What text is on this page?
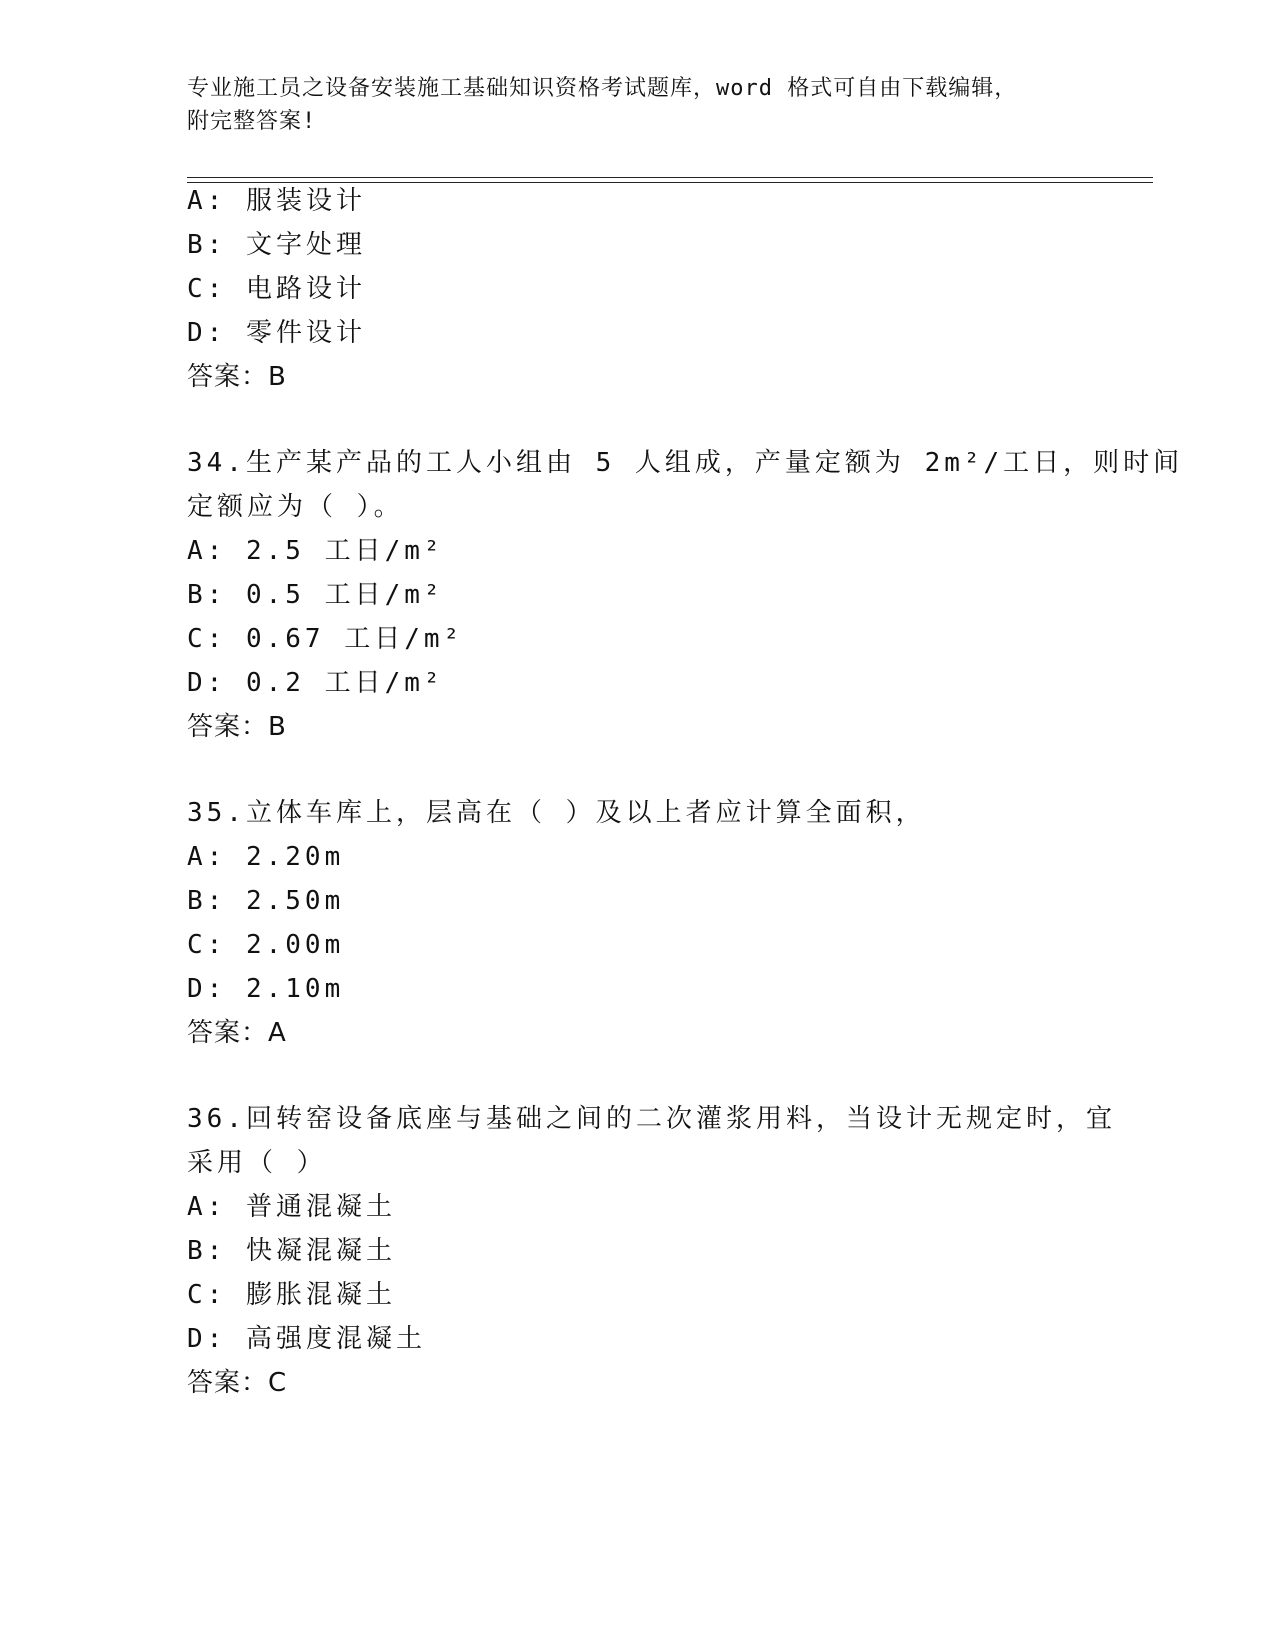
专业施工员之设备安装施工基础知识资格考试题库，word 格式可自由下载编辑，
附完整答案!
A: 服装设计
B: 文字处理
C: 电路设计
D: 零件设计
答案：B
34.生产某产品的工人小组由 5 人组成，产量定额为 2m²/工日，则时间
定额应为（ ）。
A: 2.5 工日/m²
B: 0.5 工日/m²
C: 0.67 工日/m²
D: 0.2 工日/m²
答案：B
35.立体车库上，层高在（ ）及以上者应计算全面积，
A: 2.20m
B: 2.50m
C: 2.00m
D: 2.10m
答案：A
36.回转窑设备底座与基础之间的二次灌浆用料，当设计无规定时，宜
采用（ ）
A: 普通混凝土
B: 快凝混凝土
C: 膨胀混凝土
D: 高强度混凝土
答案：C
